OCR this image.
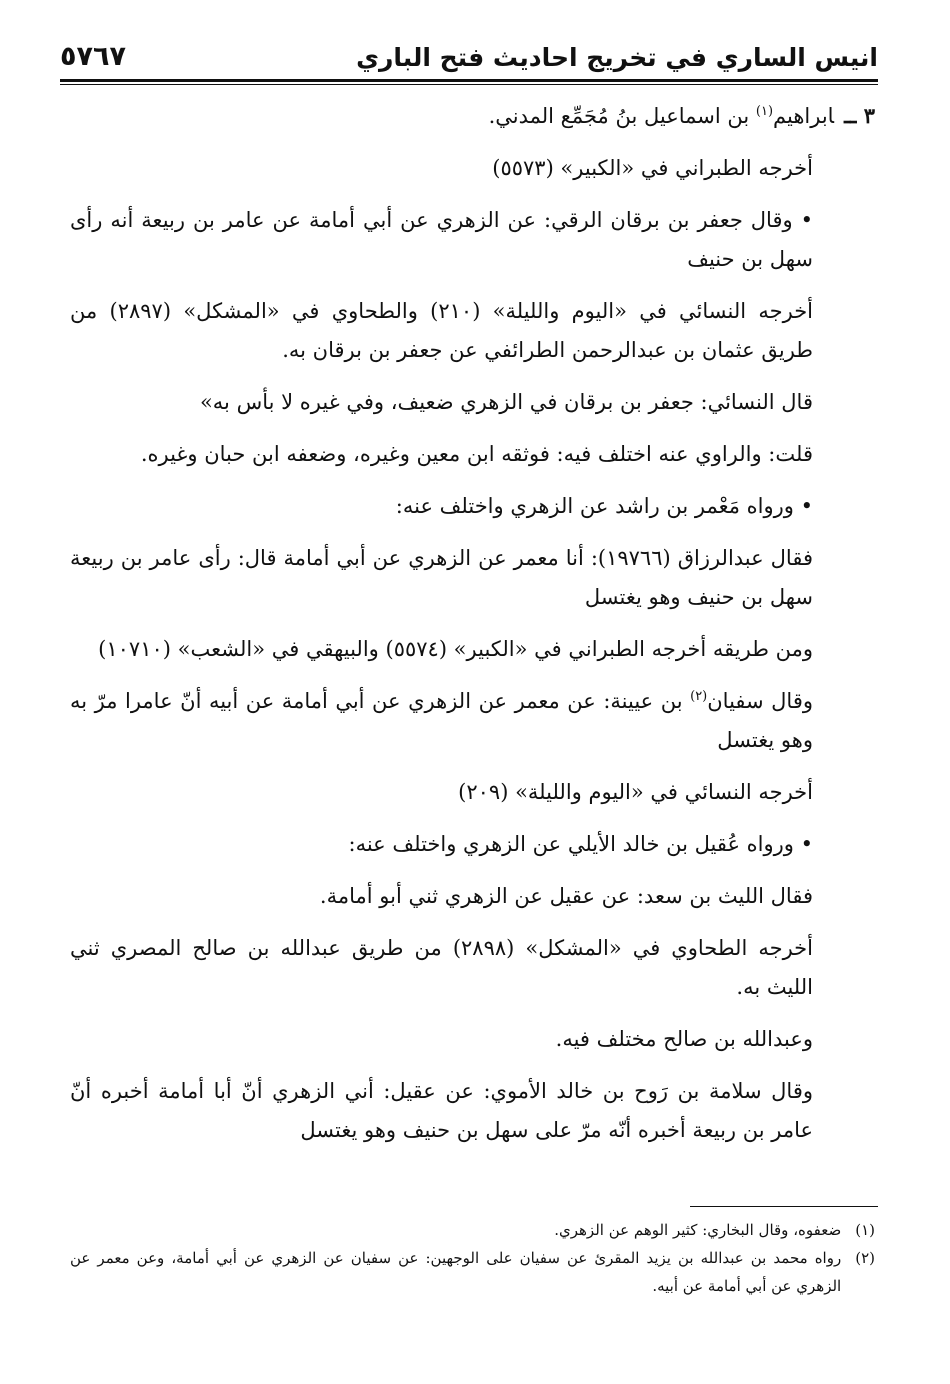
انيس الساري في تخريج احاديث فتح الباري
٥٧٦٧
٣ ــابراهيم$^{(١)}$ بن اسماعيل بنُ مُجَمِّع المدني.
أخرجه الطبراني في «الكبير» (٥٥٧٣)
• وقال جعفر بن برقان الرقي: عن الزهري عن أبي أمامة عن عامر بن ربيعة أنه رأى سهل بن حنيف
أخرجه النسائي في «اليوم والليلة» (٢١٠) والطحاوي في «المشكل» (٢٨٩٧) من طريق عثمان بن عبدالرحمن الطرائفي عن جعفر بن برقان به.
قال النسائي: جعفر بن برقان في الزهري ضعيف، وفي غيره لا بأس به»
قلت: والراوي عنه اختلف فيه: فوثقه ابن معين وغيره، وضعفه ابن حبان وغيره.
• ورواه مَعْمر بن راشد عن الزهري واختلف عنه:
فقال عبدالرزاق (١٩٧٦٦): أنا معمر عن الزهري عن أبي أمامة قال: رأى عامر بن ربيعة سهل بن حنيف وهو يغتسل
ومن طريقه أخرجه الطبراني في «الكبير» (٥٥٧٤) والبيهقي في «الشعب» (١٠٧١٠)
وقال سفيان$^{(٢)}$ بن عيينة: عن معمر عن الزهري عن أبي أمامة عن أبيه أنّ عامرا مرّ به وهو يغتسل
أخرجه النسائي في «اليوم والليلة» (٢٠٩)
• ورواه عُقيل بن خالد الأيلي عن الزهري واختلف عنه:
فقال الليث بن سعد: عن عقيل عن الزهري ثني أبو أمامة.
أخرجه الطحاوي في «المشكل» (٢٨٩٨) من طريق عبدالله بن صالح المصري ثني الليث به.
وعبدالله بن صالح مختلف فيه.
وقال سلامة بن رَوح بن خالد الأموي: عن عقيل: أني الزهري أنّ أبا أمامة أخبره أنّ عامر بن ربيعة أخبره أنّه مرّ على سهل بن حنيف وهو يغتسل
(١)
ضعفوه، وقال البخاري: كثير الوهم عن الزهري.
(٢)
رواه محمد بن عبدالله بن يزيد المقرئ عن سفيان على الوجهين: عن سفيان عن الزهري عن أبي أمامة، وعن معمر عن الزهري عن أبي أمامة عن أبيه.
